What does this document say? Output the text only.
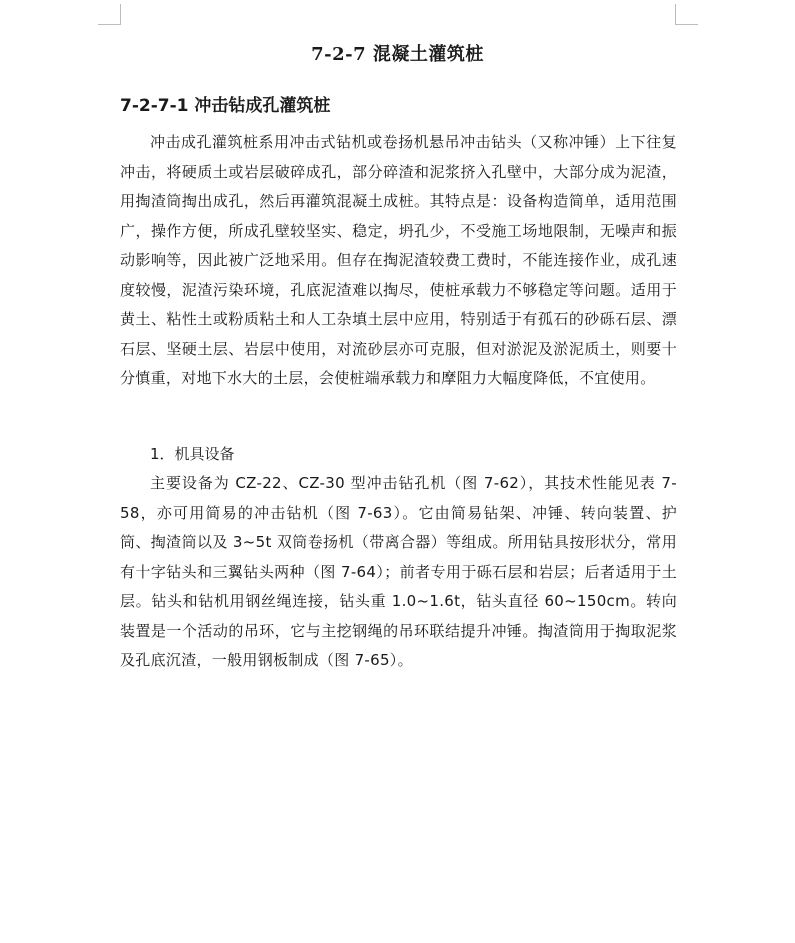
7-2-7 混凝土灌筑桩
7-2-7-1 冲击钻成孔灌筑桩

冲击成孔灌筑桩系用冲击式钻机或卷扬机悬吊冲击钻头（又称冲锤）上下往复冲击，将硬质土或岩层破碎成孔，部分碎渣和泥浆挤入孔壁中，大部分成为泥渣，用掏渣筒掏出成孔，然后再灌筑混凝土成桩。其特点是：设备构造简单，适用范围广，操作方便，所成孔壁较坚实、稳定，坍孔少，不受施工场地限制，无噪声和振动影响等，因此被广泛地采用。但存在掏泥渣较费工费时，不能连接作业，成孔速度较慢，泥渣污染环境，孔底泥渣难以掏尽，使桩承载力不够稳定等问题。适用于黄土、粘性土或粉质粘土和人工杂填土层中应用，特别适于有孤石的砂砾石层、漂石层、坚硬土层、岩层中使用，对流砂层亦可克服，但对淤泥及淤泥质土，则要十分慎重，对地下水大的土层，会使桩端承载力和摩阻力大幅度降低，不宜使用。

1．机具设备

主要设备为 CZ-22、CZ-30 型冲击钻孔机（图 7-62），其技术性能见表 7-58，亦可用简易的冲击钻机（图 7-63）。它由简易钻架、冲锤、转向装置、护筒、掏渣筒以及 3~5t 双筒卷扬机（带离合器）等组成。所用钻具按形状分，常用有十字钻头和三翼钻头两种（图 7-64）；前者专用于砾石层和岩层；后者适用于土层。钻头和钻机用钢丝绳连接，钻头重 1.0~1.6t，钻头直径 60~150cm。转向装置是一个活动的吊环，它与主挖钢绳的吊环联结提升冲锤。掏渣筒用于掏取泥浆及孔底沉渣，一般用钢板制成（图 7-65）。
